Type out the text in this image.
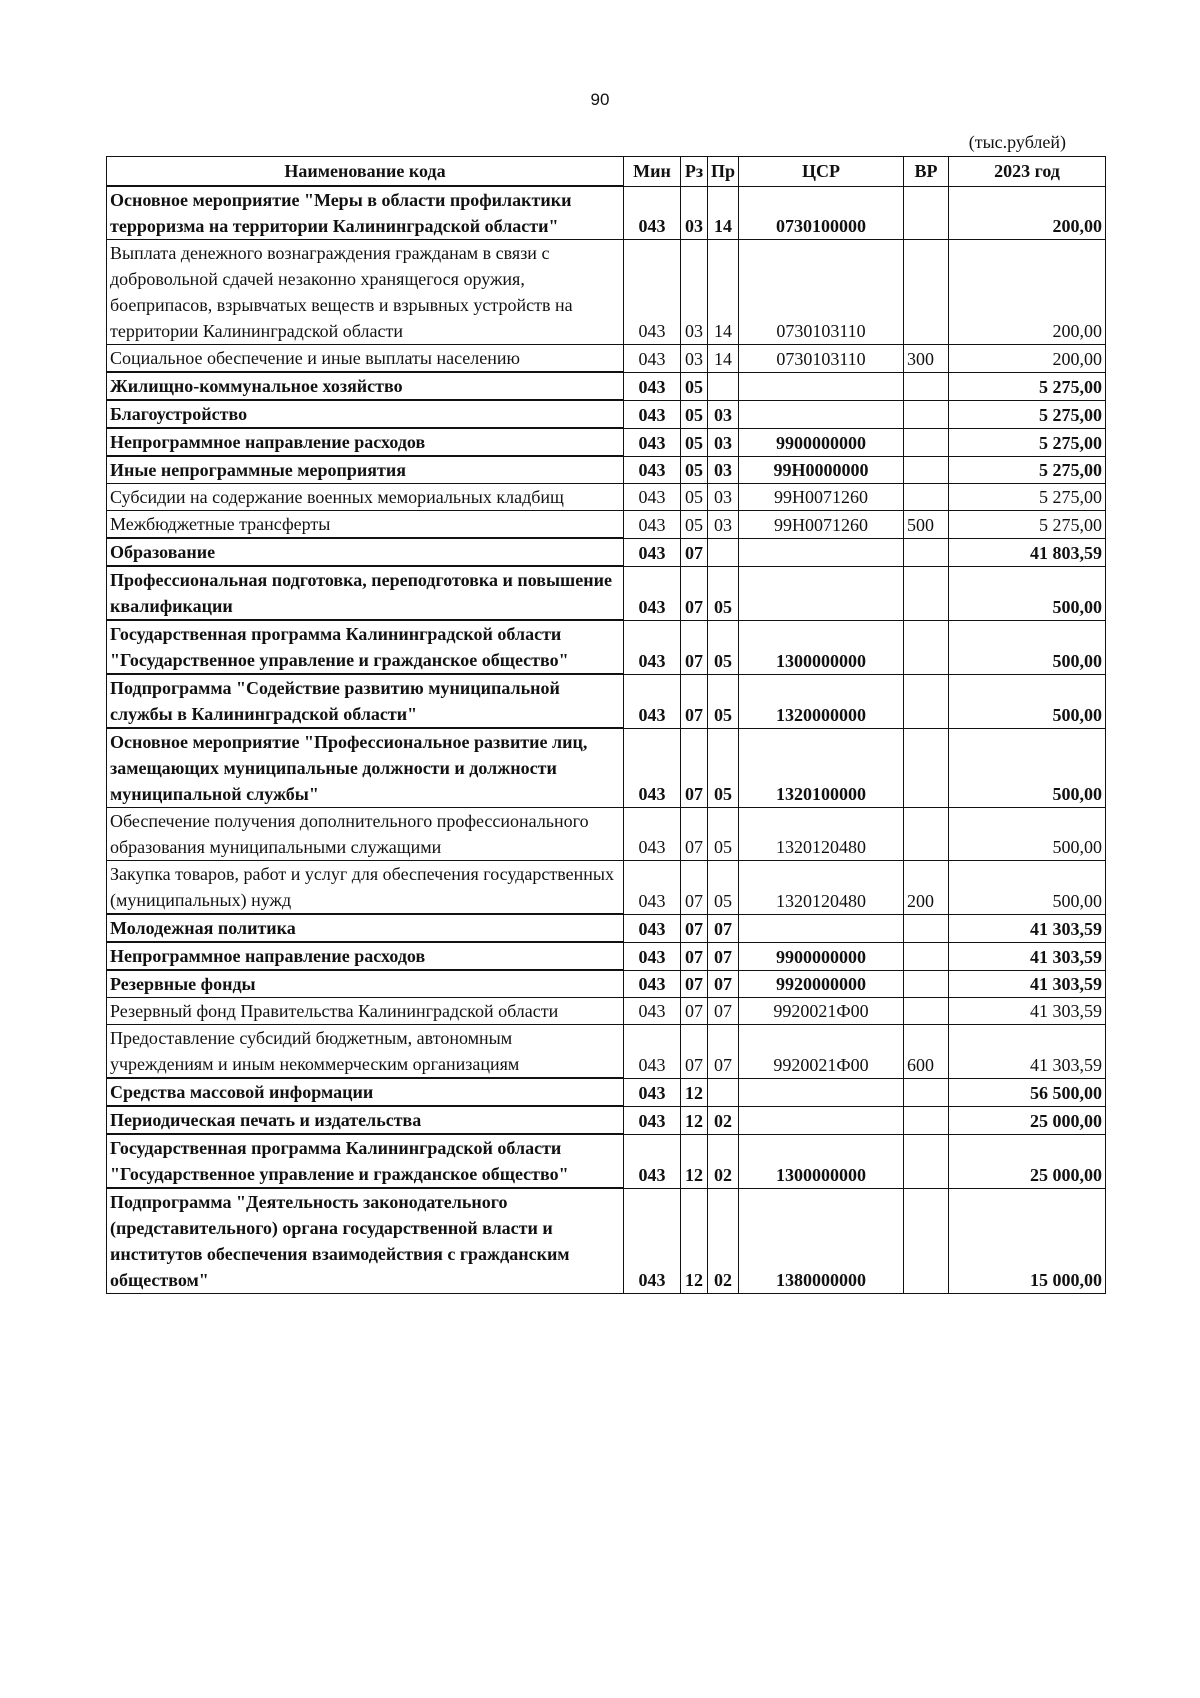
90
(тыс.рублей)
Наименование кода	Мин	Рз	Пр	ЦСР	ВР	2023 год
Основное мероприятие "Меры в области профилактики терроризма на территории Калининградской области"	043	03	14	0730100000		200,00
Выплата денежного вознаграждения гражданам в связи с добровольной сдачей незаконно хранящегося оружия, боеприпасов, взрывчатых веществ и взрывных устройств на территории Калининградской области	043	03	14	0730103110		200,00
Социальное обеспечение и иные выплаты населению	043	03	14	0730103110	300	200,00
Жилищно-коммунальное хозяйство	043	05				5 275,00
Благоустройство	043	05	03			5 275,00
Непрограммное направление расходов	043	05	03	9900000000		5 275,00
Иные непрограммные мероприятия	043	05	03	99Н0000000		5 275,00
Субсидии на содержание военных мемориальных кладбищ	043	05	03	99Н0071260		5 275,00
Межбюджетные трансферты	043	05	03	99Н0071260	500	5 275,00
Образование	043	07				41 803,59
Профессиональная подготовка, переподготовка и повышение квалификации	043	07	05			500,00
Государственная программа Калининградской области "Государственное управление и гражданское общество"	043	07	05	1300000000		500,00
Подпрограмма "Содействие развитию муниципальной службы в Калининградской области"	043	07	05	1320000000		500,00
Основное мероприятие "Профессиональное развитие лиц, замещающих муниципальные должности и должности муниципальной службы"	043	07	05	1320100000		500,00
Обеспечение получения дополнительного профессионального образования муниципальными служащими	043	07	05	1320120480		500,00
Закупка товаров, работ и услуг для обеспечения государственных (муниципальных) нужд	043	07	05	1320120480	200	500,00
Молодежная политика	043	07	07			41 303,59
Непрограммное направление расходов	043	07	07	9900000000		41 303,59
Резервные фонды	043	07	07	9920000000		41 303,59
Резервный фонд Правительства Калининградской области	043	07	07	9920021Ф00		41 303,59
Предоставление субсидий бюджетным, автономным учреждениям и иным некоммерческим организациям	043	07	07	9920021Ф00	600	41 303,59
Средства массовой информации	043	12				56 500,00
Периодическая печать и издательства	043	12	02			25 000,00
Государственная программа Калининградской области "Государственное управление и гражданское общество"	043	12	02	1300000000		25 000,00
Подпрограмма "Деятельность законодательного (представительного) органа государственной власти и институтов обеспечения взаимодействия с гражданским обществом"	043	12	02	1380000000		15 000,00
